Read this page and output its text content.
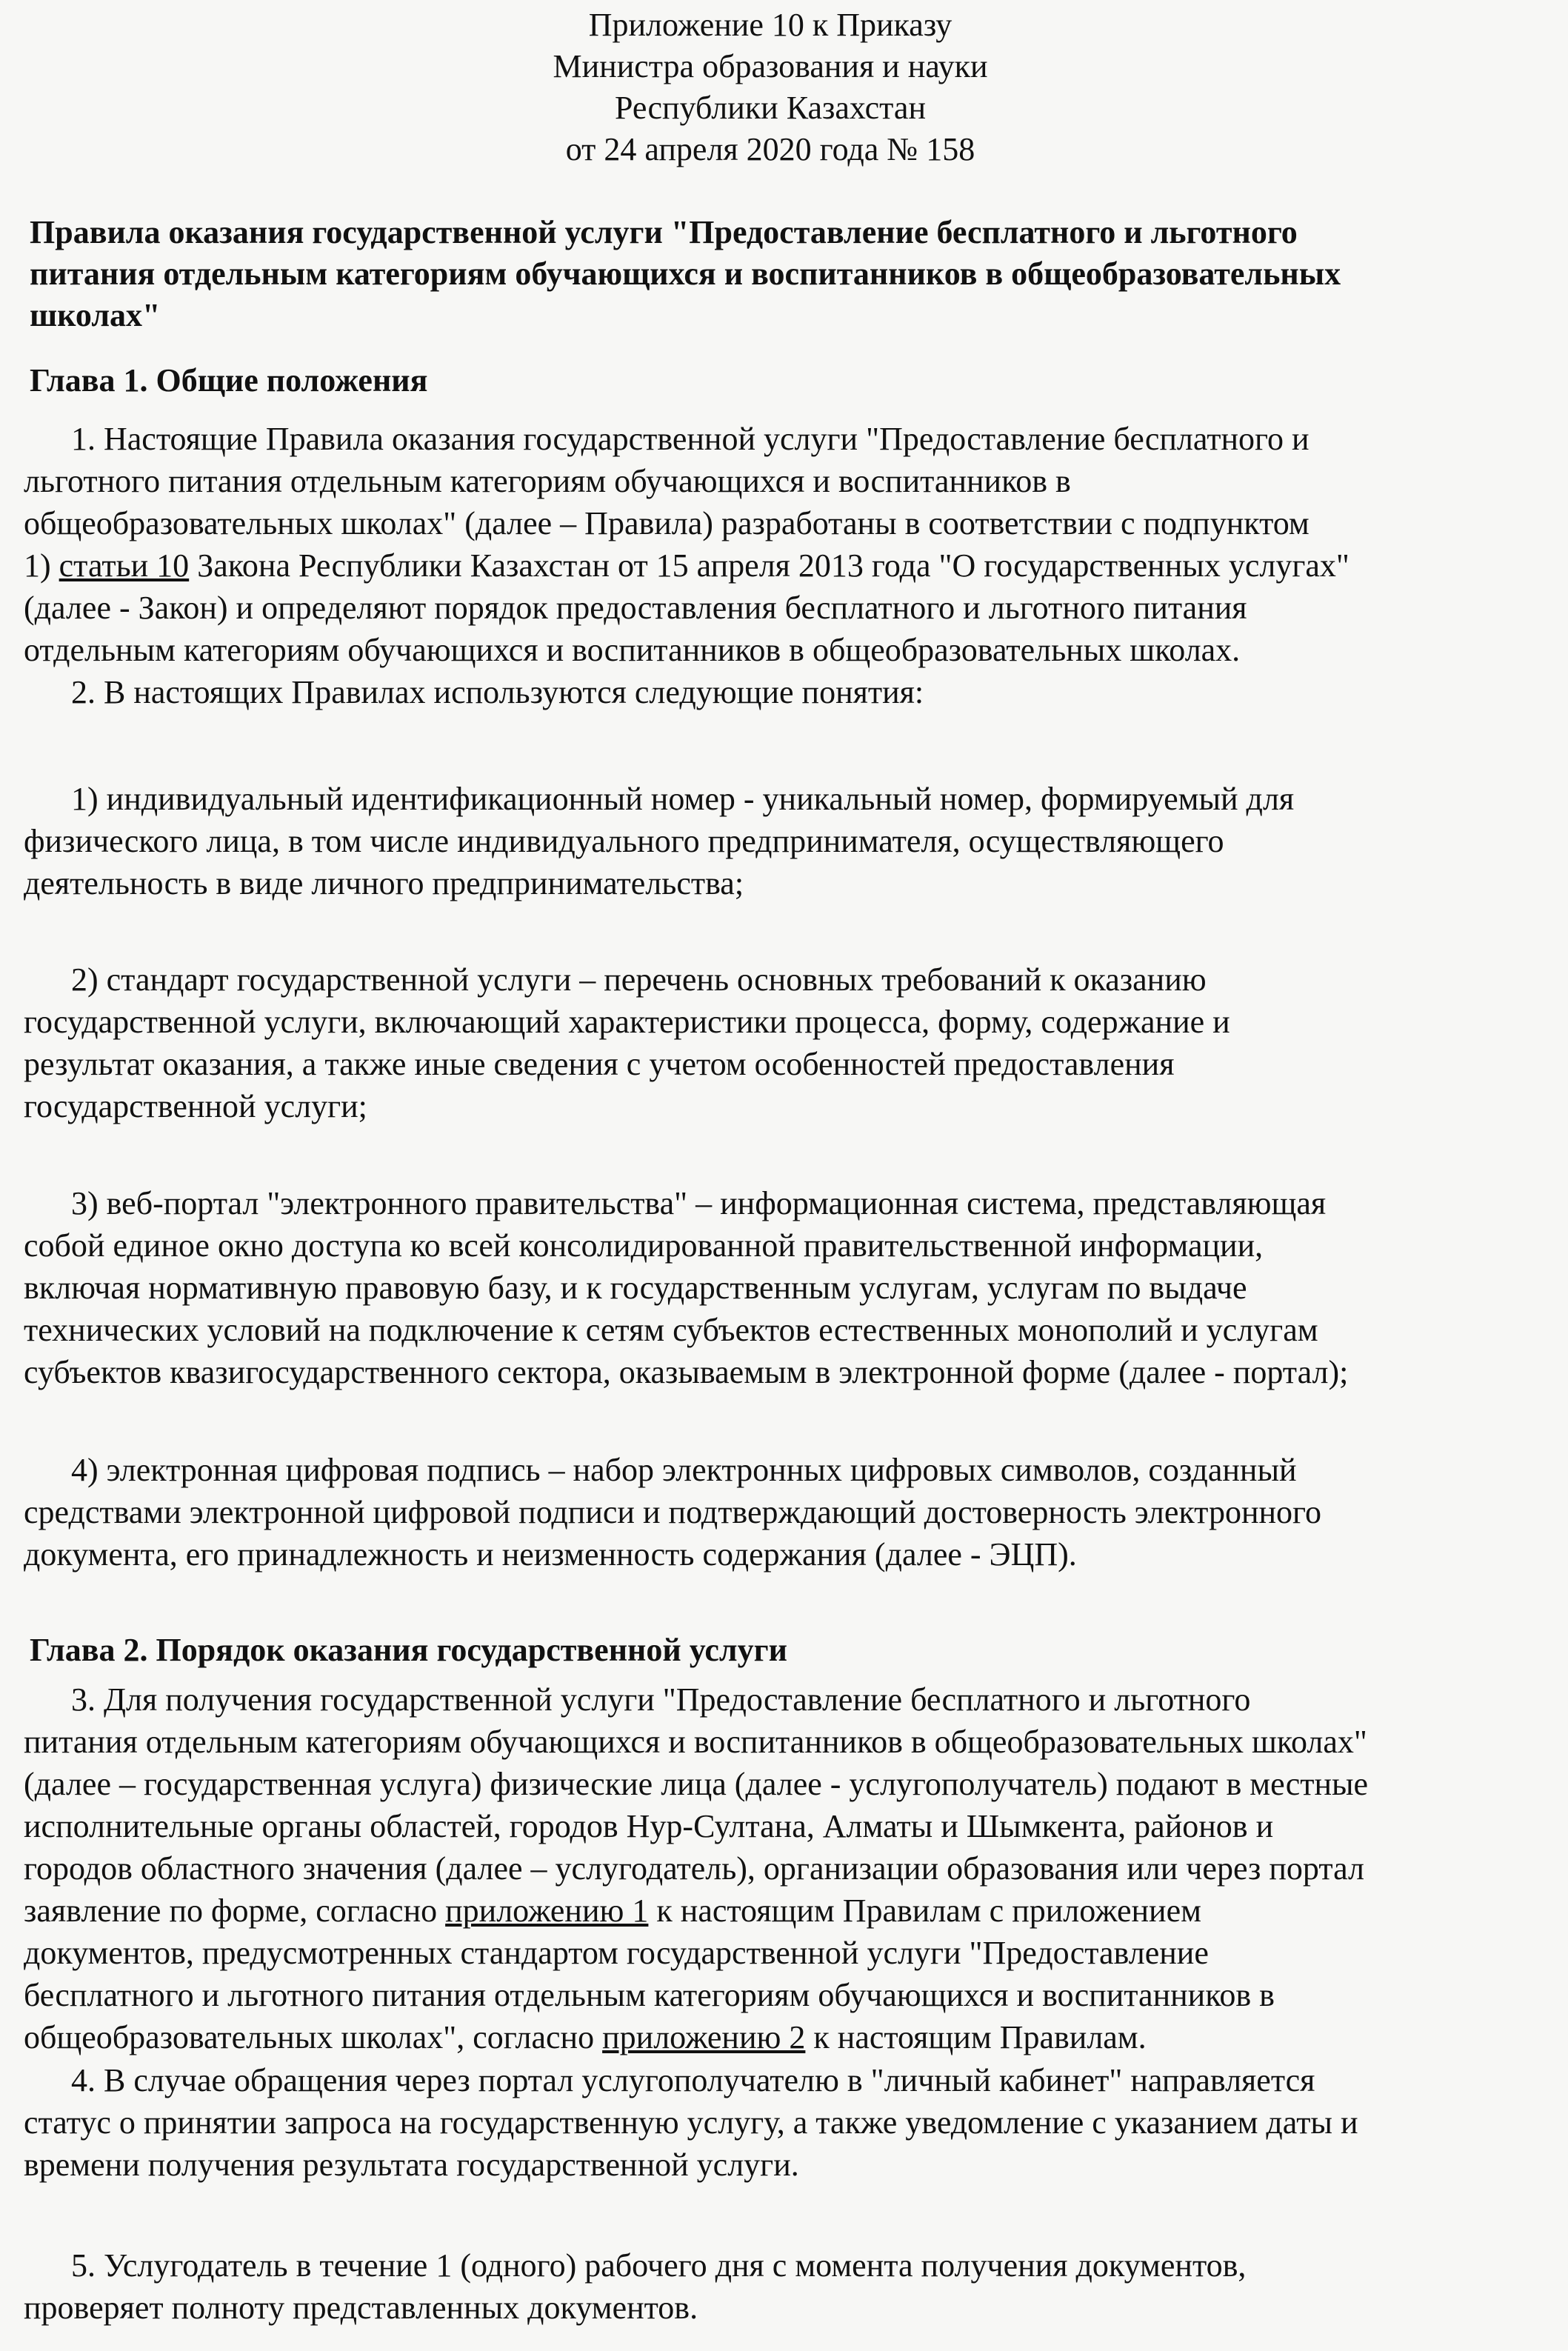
Приложение 10 к Приказу
Министра образования и науки
Республики Казахстан
от 24 апреля 2020 года № 158
Правила оказания государственной услуги "Предоставление бесплатного и льготного
питания отдельным категориям обучающихся и воспитанников в общеобразовательных
школах"
Глава 1. Общие положения
1. Настоящие Правила оказания государственной услуги "Предоставление бесплатного и
льготного питания отдельным категориям обучающихся и воспитанников в
общеобразовательных школах" (далее – Правила) разработаны в соответствии с подпунктом
1) статьи 10 Закона Республики Казахстан от 15 апреля 2013 года "О государственных услугах"
(далее - Закон) и определяют порядок предоставления бесплатного и льготного питания
отдельным категориям обучающихся и воспитанников в общеобразовательных школах.
2. В настоящих Правилах используются следующие понятия:
1) индивидуальный идентификационный номер - уникальный номер, формируемый для
физического лица, в том числе индивидуального предпринимателя, осуществляющего
деятельность в виде личного предпринимательства;
2) стандарт государственной услуги – перечень основных требований к оказанию
государственной услуги, включающий характеристики процесса, форму, содержание и
результат оказания, а также иные сведения с учетом особенностей предоставления
государственной услуги;
3) веб-портал "электронного правительства" – информационная система, представляющая
собой единое окно доступа ко всей консолидированной правительственной информации,
включая нормативную правовую базу, и к государственным услугам, услугам по выдаче
технических условий на подключение к сетям субъектов естественных монополий и услугам
субъектов квазигосударственного сектора, оказываемым в электронной форме (далее - портал);
4) электронная цифровая подпись – набор электронных цифровых символов, созданный
средствами электронной цифровой подписи и подтверждающий достоверность электронного
документа, его принадлежность и неизменность содержания (далее - ЭЦП).
Глава 2. Порядок оказания государственной услуги
3. Для получения государственной услуги "Предоставление бесплатного и льготного
питания отдельным категориям обучающихся и воспитанников в общеобразовательных школах"
(далее – государственная услуга) физические лица (далее - услугополучатель) подают в местные
исполнительные органы областей, городов Нур-Султана, Алматы и Шымкента, районов и
городов областного значения (далее – услугодатель), организации образования или через портал
заявление по форме, согласно приложению 1 к настоящим Правилам с приложением
документов, предусмотренных стандартом государственной услуги "Предоставление
бесплатного и льготного питания отдельным категориям обучающихся и воспитанников в
общеобразовательных школах", согласно приложению 2 к настоящим Правилам.
4. В случае обращения через портал услугополучателю в "личный кабинет" направляется
статус о принятии запроса на государственную услугу, а также уведомление с указанием даты и
времени получения результата государственной услуги.
5. Услугодатель в течение 1 (одного) рабочего дня с момента получения документов,
проверяет полноту представленных документов.
